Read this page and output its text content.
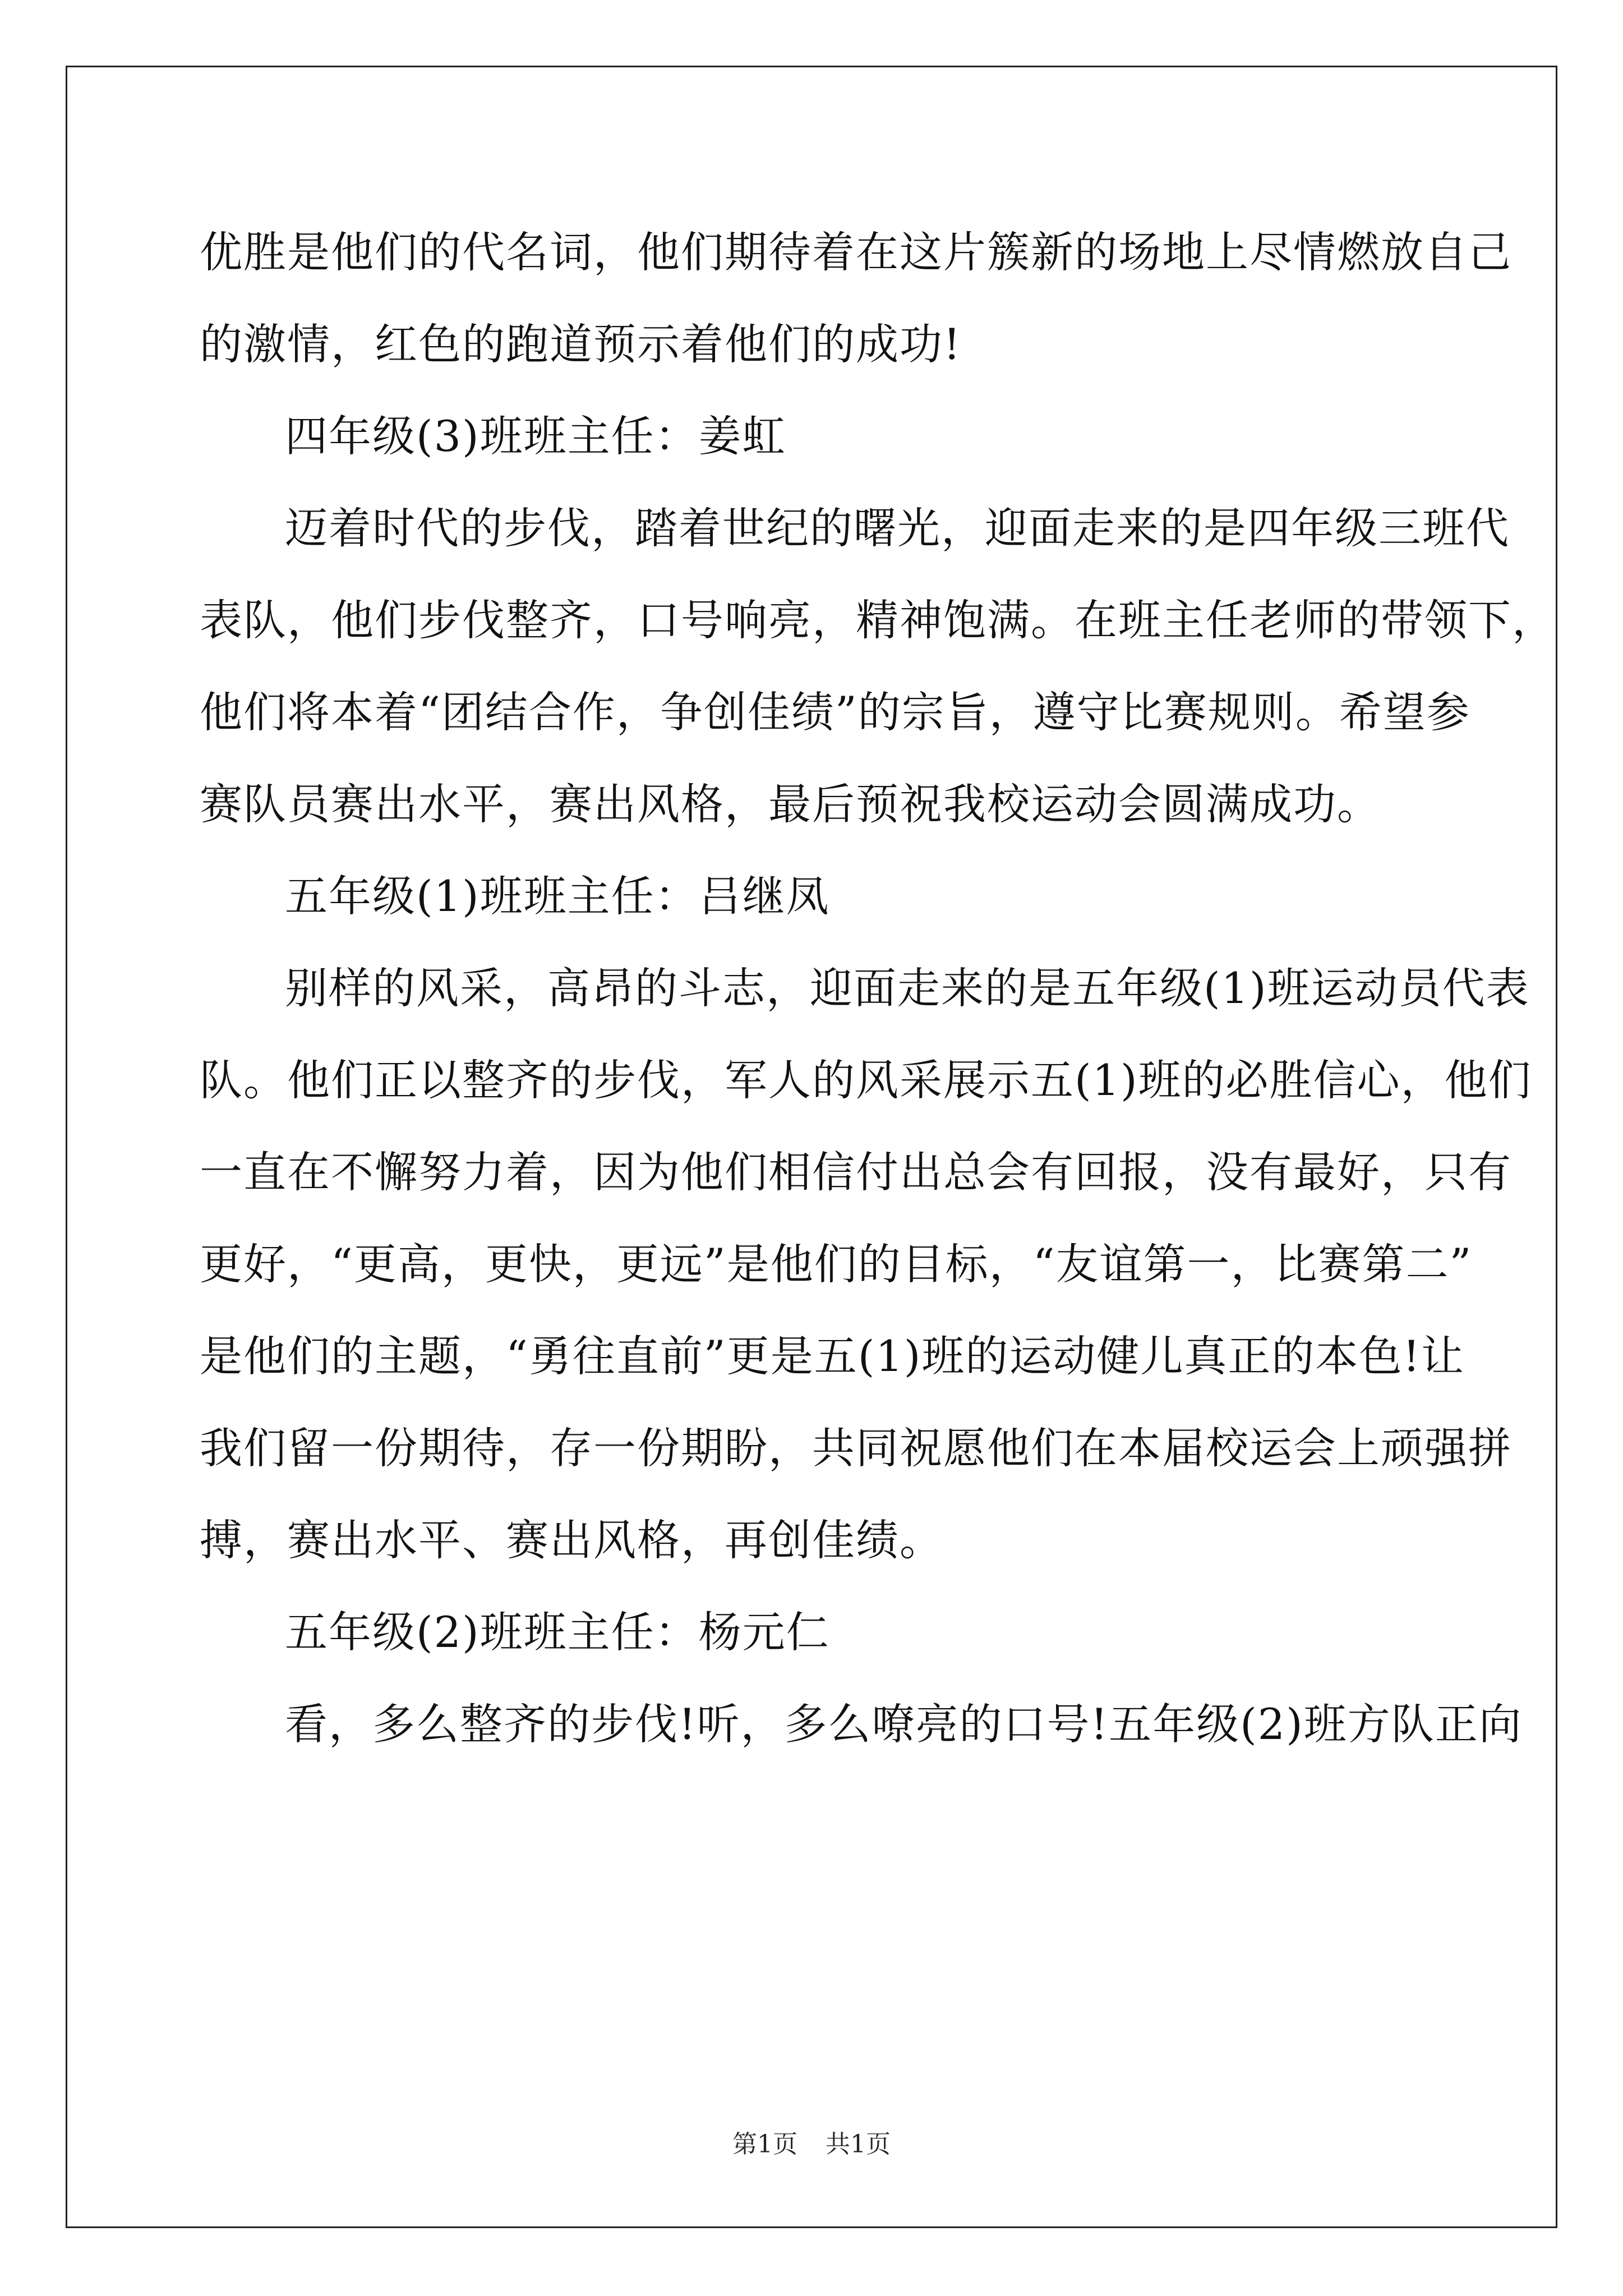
优胜是他们的代名词，他们期待着在这片簇新的场地上尽情燃放自己
的激情，红色的跑道预示着他们的成功!
四年级(3)班班主任：姜虹
迈着时代的步伐，踏着世纪的曙光，迎面走来的是四年级三班代
表队，他们步伐整齐，口号响亮，精神饱满。在班主任老师的带领下，
他们将本着“团结合作，争创佳绩”的宗旨，遵守比赛规则。希望参
赛队员赛出水平，赛出风格，最后预祝我校运动会圆满成功。
五年级(1)班班主任：吕继凤
别样的风采，高昂的斗志，迎面走来的是五年级(1)班运动员代表
队。他们正以整齐的步伐，军人的风采展示五(1)班的必胜信心，他们
一直在不懈努力着，因为他们相信付出总会有回报，没有最好，只有
更好，“更高，更快，更远”是他们的目标，“友谊第一，比赛第二”
是他们的主题，“勇往直前”更是五(1)班的运动健儿真正的本色!让
我们留一份期待，存一份期盼，共同祝愿他们在本届校运会上顽强拼
搏，赛出水平、赛出风格，再创佳绩。
五年级(2)班班主任：杨元仁
看，多么整齐的步伐!听，多么嘹亮的口号!五年级(2)班方队正向
第1页 共1页
